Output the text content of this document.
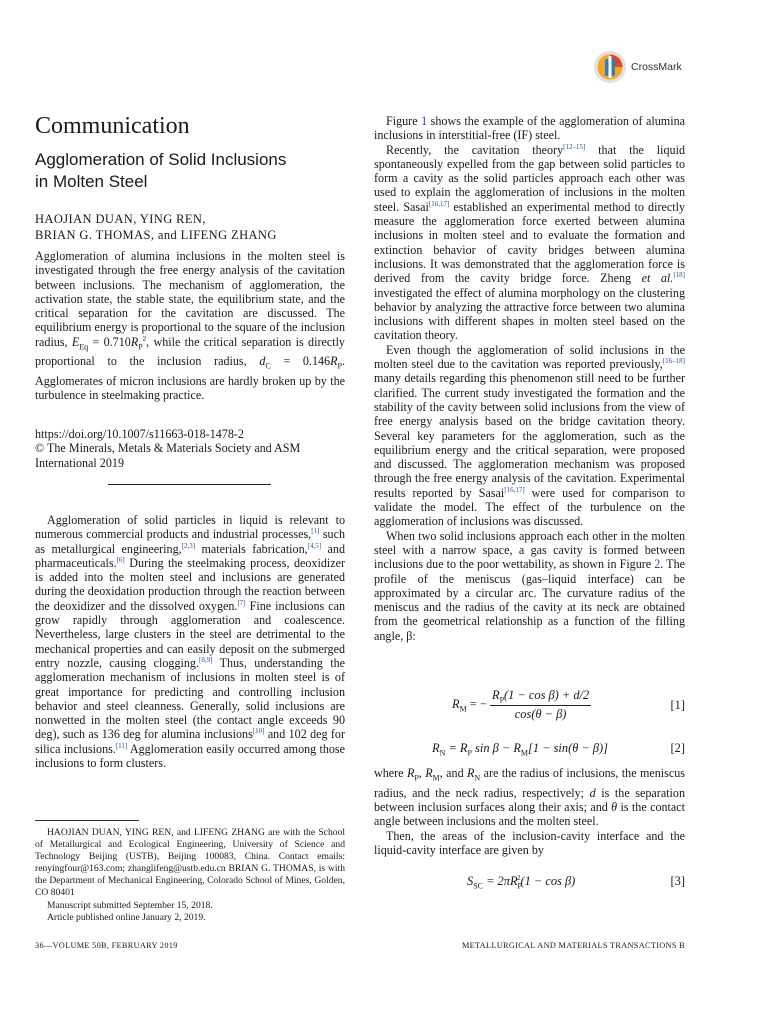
CrossMark
Communication
Agglomeration of Solid Inclusions
in Molten Steel
HAOJIAN DUAN, YING REN,
BRIAN G. THOMAS, and LIFENG ZHANG

Agglomeration of alumina inclusions in the molten steel is investigated through the free energy analysis of the cavitation between inclusions. The mechanism of agglomeration, the activation state, the stable state, the equilibrium state, and the critical separation for the cavitation are discussed. The equilibrium energy is proportional to the square of the inclusion radius, $E_{Eq} = 0.710R_P^2$, while the critical separation is directly proportional to the inclusion radius, $d_C = 0.146R_P$. Agglomerates of micron inclusions are hardly broken up by the turbulence in steelmaking practice.

https://doi.org/10.1007/s11663-018-1478-2
© The Minerals, Metals & Materials Society and ASM International 2019

Agglomeration of solid particles in liquid is relevant to numerous commercial products and industrial processes,[1] such as metallurgical engineering,[2,3] materials fabrication,[4,5] and pharmaceuticals.[6] During the steelmaking process, deoxidizer is added into the molten steel and inclusions are generated during the deoxidation production through the reaction between the deoxidizer and the dissolved oxygen.[7] Fine inclusions can grow rapidly through agglomeration and coalescence. Nevertheless, large clusters in the steel are detrimental to the mechanical properties and can easily deposit on the submerged entry nozzle, causing clogging.[8,9] Thus, understanding the agglomeration mechanism of inclusions in molten steel is of great importance for predicting and controlling inclusion behavior and steel cleanness. Generally, solid inclusions are nonwetted in the molten steel (the contact angle exceeds 90 deg), such as 136 deg for alumina inclusions[10] and 102 deg for silica inclusions.[11] Agglomeration easily occurred among those inclusions to form clusters.

HAOJIAN DUAN, YING REN, and LIFENG ZHANG are with the School of Metallurgical and Ecological Engineering, University of Science and Technology Beijing (USTB), Beijing 100083, China. Contact emails: renyingfour@163.com; zhanglifeng@ustb.edu.cn BRIAN G. THOMAS, is with the Department of Mechanical Engineering, Colorado School of Mines, Golden, CO 80401

Manuscript submitted September 15, 2018.

Article published online January 2, 2019.

Figure 1 shows the example of the agglomeration of alumina inclusions in interstitial-free (IF) steel.

Recently, the cavitation theory[12–15] that the liquid spontaneously expelled from the gap between solid particles to form a cavity as the solid particles approach each other was used to explain the agglomeration of inclusions in the molten steel. Sasai[16,17] established an experimental method to directly measure the agglomeration force exerted between alumina inclusions in molten steel and to evaluate the formation and extinction behavior of cavity bridges between alumina inclusions. It was demonstrated that the agglomeration force is derived from the cavity bridge force. Zheng et al.[18] investigated the effect of alumina morphology on the clustering behavior by analyzing the attractive force between two alumina inclusions with different shapes in molten steel based on the cavitation theory.

Even though the agglomeration of solid inclusions in the molten steel due to the cavitation was reported previously,[16–18] many details regarding this phenomenon still need to be further clarified. The current study investigated the formation and the stability of the cavity between solid inclusions from the view of free energy analysis based on the bridge cavitation theory. Several key parameters for the agglomeration, such as the equilibrium energy and the critical separation, were proposed and discussed. The agglomeration mechanism was proposed through the free energy analysis of the cavitation. Experimental results reported by Sasai[16,17] were used for comparison to validate the model. The effect of the turbulence on the agglomeration of inclusions was discussed.

When two solid inclusions approach each other in the molten steel with a narrow space, a gas cavity is formed between inclusions due to the poor wettability, as shown in Figure 2. The profile of the meniscus (gas–liquid interface) can be approximated by a circular arc. The curvature radius of the meniscus and the radius of the cavity at its neck are obtained from the geometrical relationship as a function of the filling angle, β:

$R_M$ = − $\frac{R_P(1 - \cos \beta) + d/2}{\cos(\theta - \beta)}$	[1]
$R_N = R_P$ $\sin \beta - R_M[1 - \sin(\theta - \beta)]$	[2]

where $R_P$, $R_M$, and $R_N$ are the radius of inclusions, the meniscus radius, and the neck radius, respectively; d is the separation between inclusion surfaces along their axis; and θ is the contact angle between inclusions and the molten steel.

Then, the areas of the inclusion-cavity interface and the liquid-cavity interface are given by

$S_{SC} = 2\pi R_P^2(1 - \cos \beta)$	[3]
36—VOLUME 50B, FEBRUARY 2019	METALLURGICAL AND MATERIALS TRANSACTIONS B
